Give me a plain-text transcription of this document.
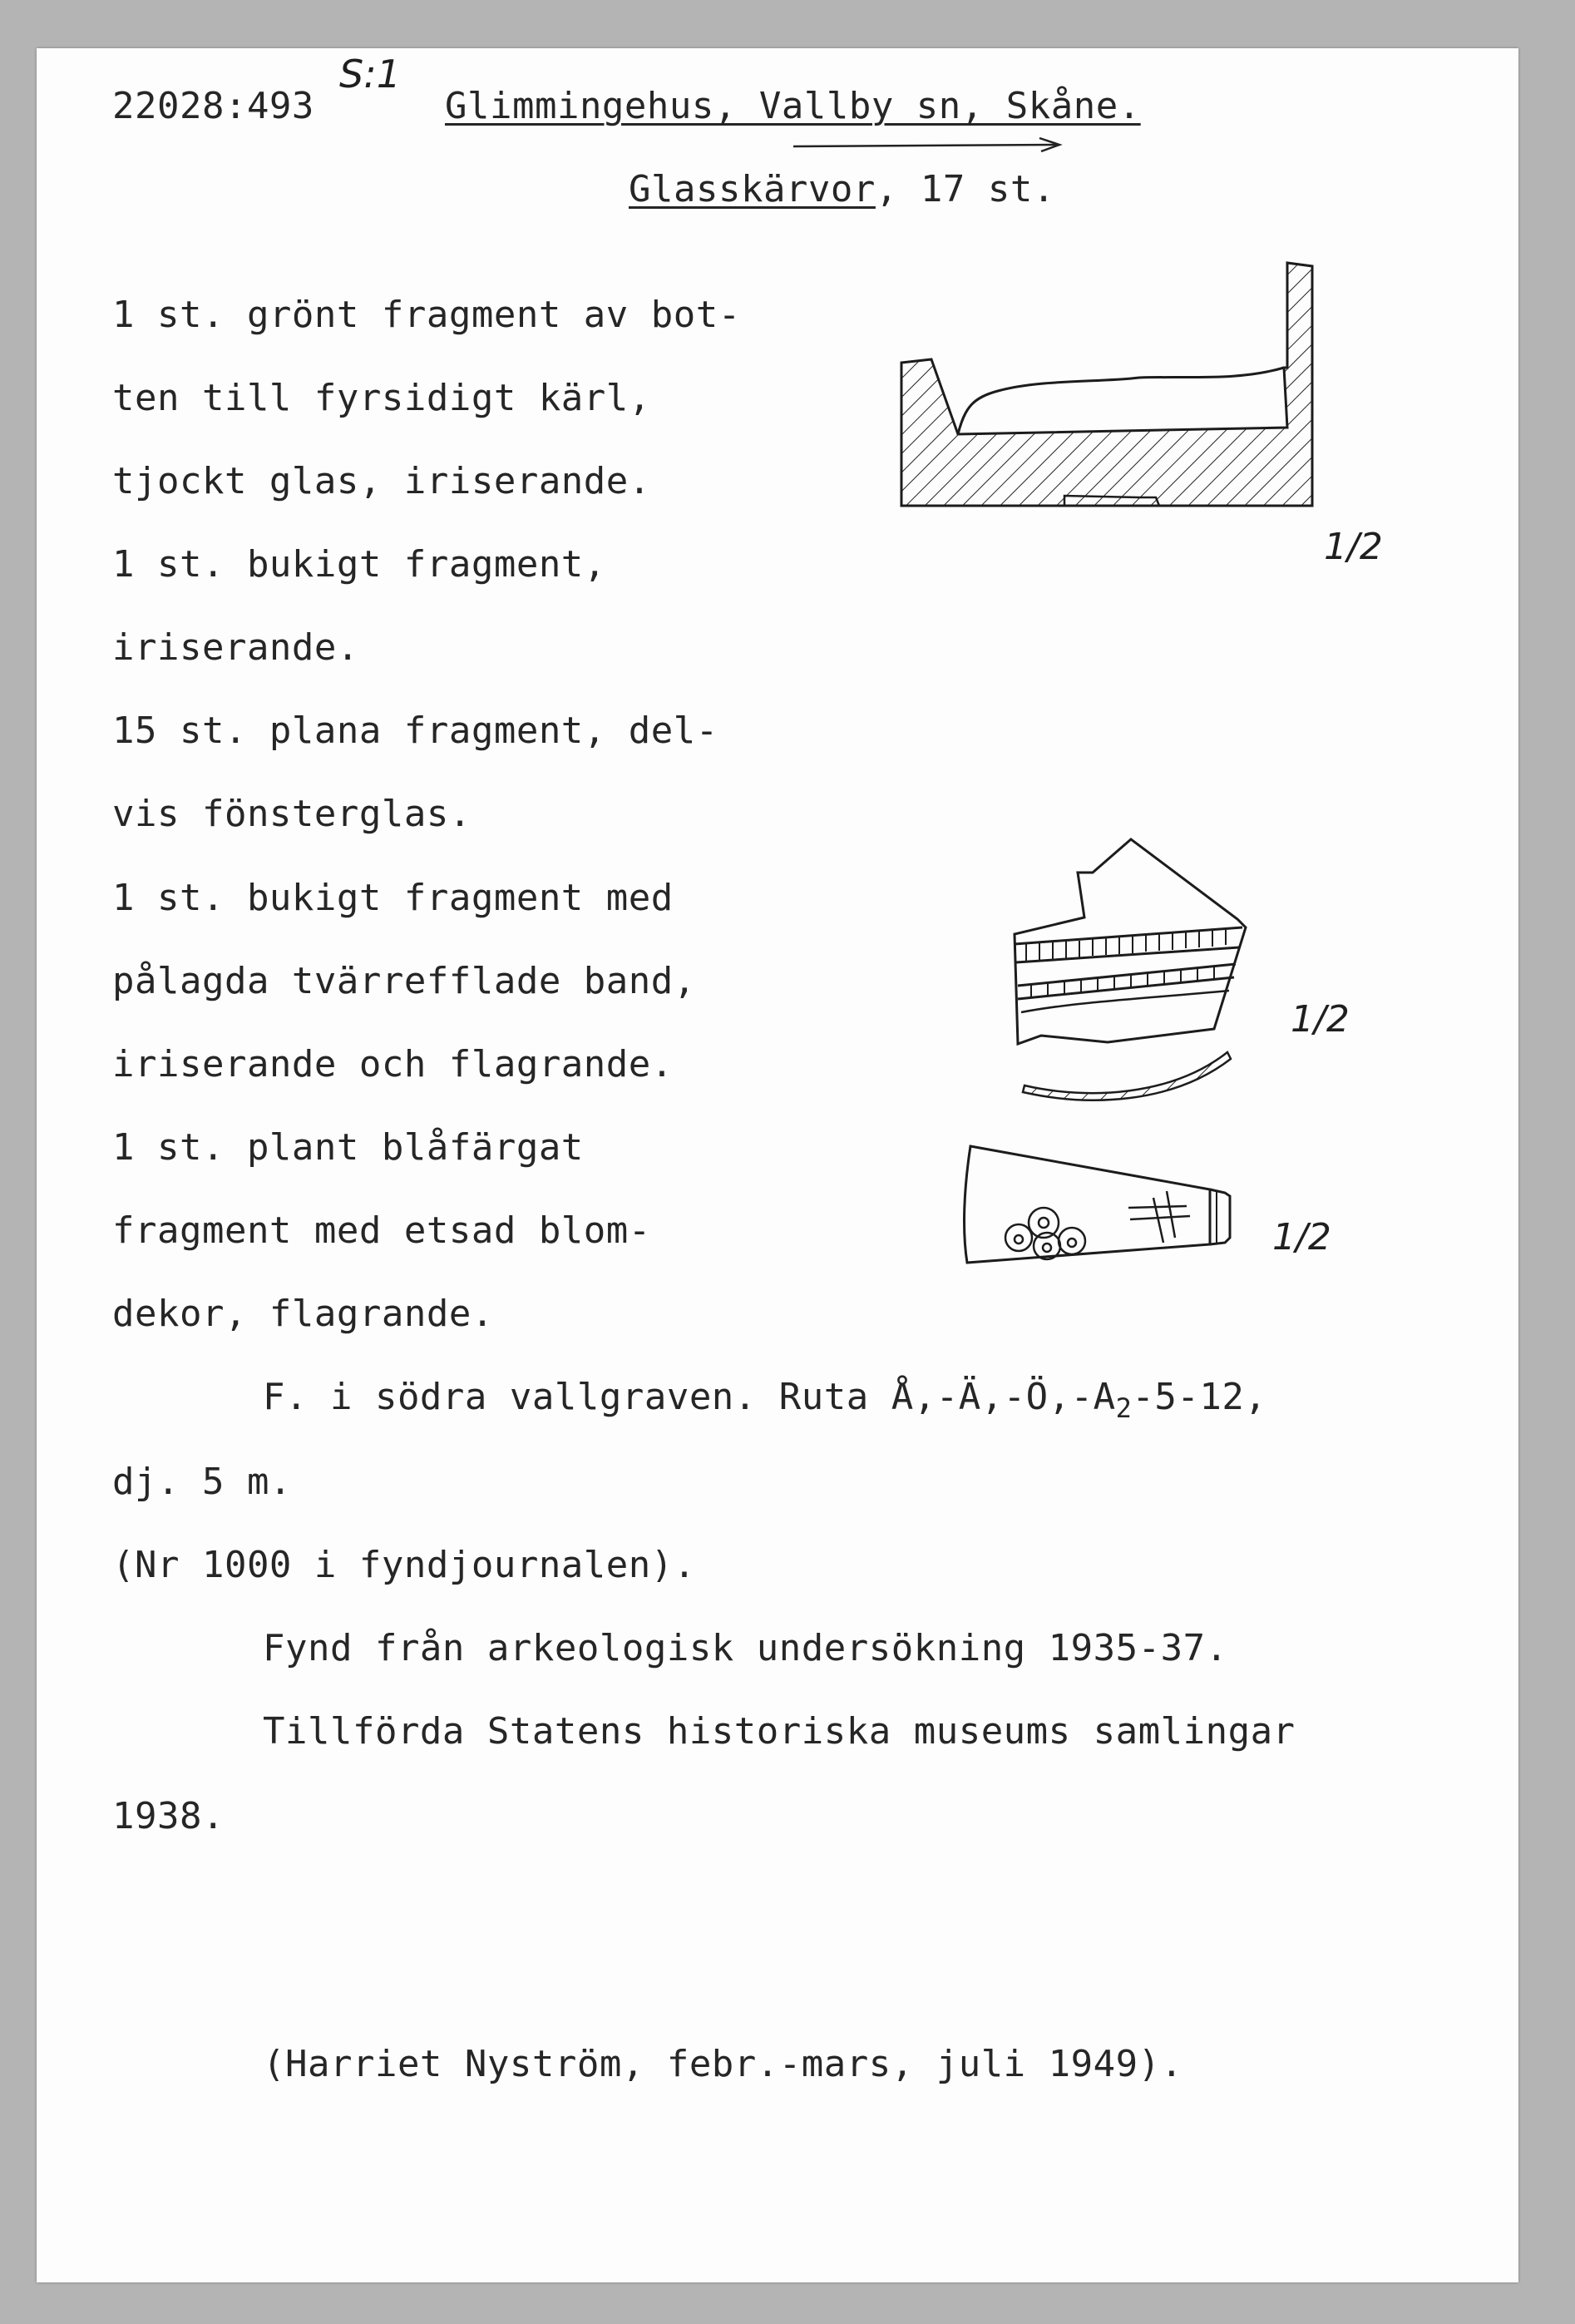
22028:493

S:1

Glimmingehus, Vallby sn, Skåne.

Glasskärvor, 17 st.

1 st. grönt fragment av bot-

ten till fyrsidigt kärl,

tjockt glas, iriserande.

1 st. bukigt fragment,

iriserande.

15 st. plana fragment, del-

vis fönsterglas.

1 st. bukigt fragment med

pålagda tvärrefflade band,

iriserande och flagrande.

1 st. plant blåfärgat

fragment med etsad blom-

dekor, flagrande.

F. i södra vallgraven. Ruta $Å,-Ä,-Ö,-A_2-5-12$,

dj. 5 m.

(Nr 1000 i fyndjournalen).

Fynd från arkeologisk undersökning 1935-37.

Tillförda Statens historiska museums samlingar

1938.

(Harriet Nyström, febr.-mars, juli 1949).

1/2
1/2
1/2
